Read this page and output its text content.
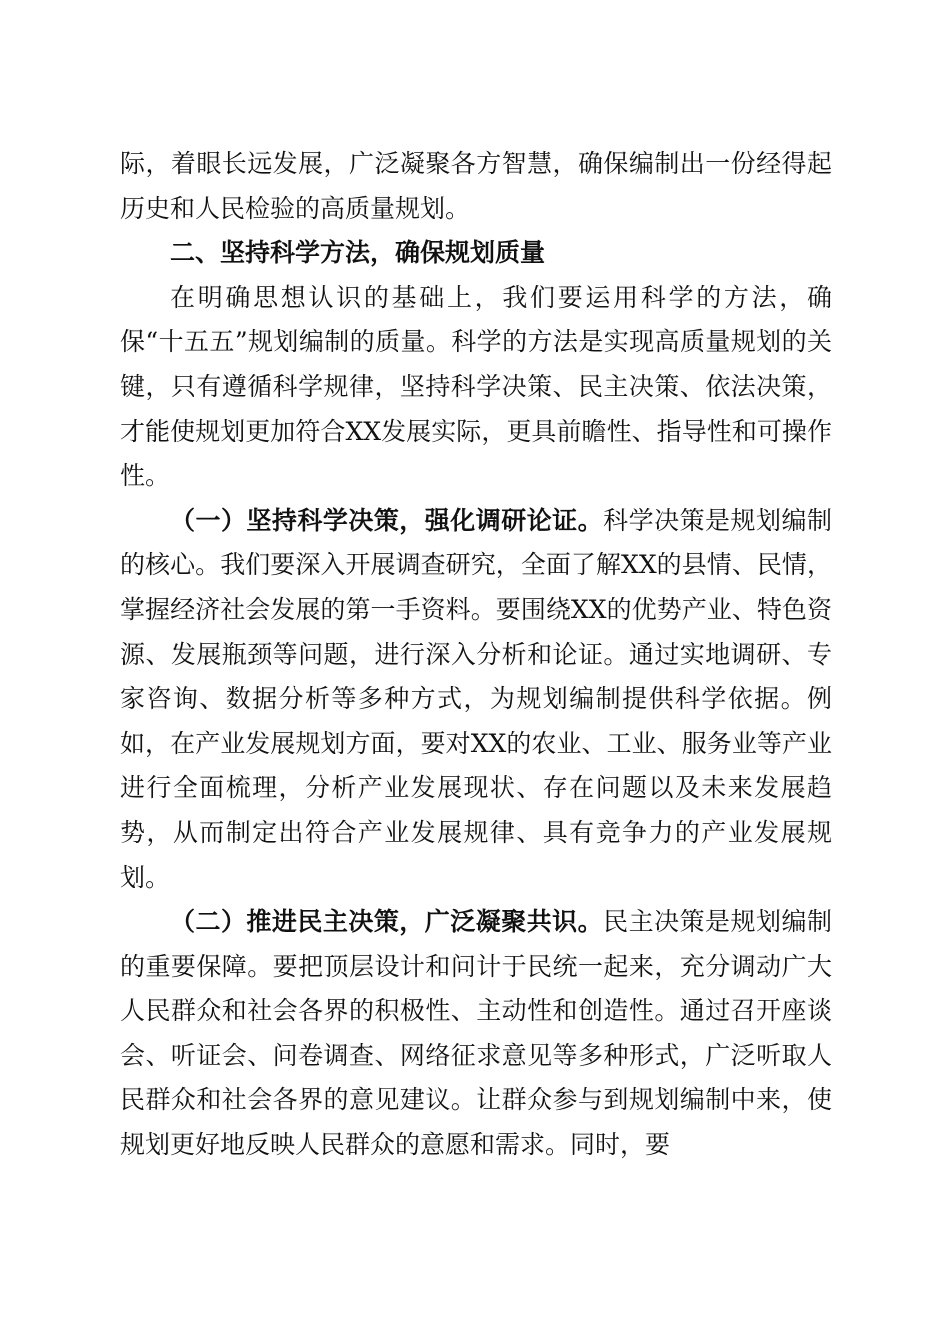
际，着眼长远发展，广泛凝聚各方智慧，确保编制出一份经得起历史和人民检验的高质量规划。

二、坚持科学方法，确保规划质量

在明确思想认识的基础上，我们要运用科学的方法，确保“十五五”规划编制的质量。科学的方法是实现高质量规划的关键，只有遵循科学规律，坚持科学决策、民主决策、依法决策，才能使规划更加符合XX发展实际，更具前瞻性、指导性和可操作性。

（一）坚持科学决策，强化调研论证。科学决策是规划编制的核心。我们要深入开展调查研究，全面了解XX的县情、民情，掌握经济社会发展的第一手资料。要围绕XX的优势产业、特色资源、发展瓶颈等问题，进行深入分析和论证。通过实地调研、专家咨询、数据分析等多种方式，为规划编制提供科学依据。例如，在产业发展规划方面，要对XX的农业、工业、服务业等产业进行全面梳理，分析产业发展现状、存在问题以及未来发展趋势，从而制定出符合产业发展规律、具有竞争力的产业发展规划。

（二）推进民主决策，广泛凝聚共识。民主决策是规划编制的重要保障。要把顶层设计和问计于民统一起来，充分调动广大人民群众和社会各界的积极性、主动性和创造性。通过召开座谈会、听证会、问卷调查、网络征求意见等多种形式，广泛听取人民群众和社会各界的意见建议。让群众参与到规划编制中来，使规划更好地反映人民群众的意愿和需求。同时，要
